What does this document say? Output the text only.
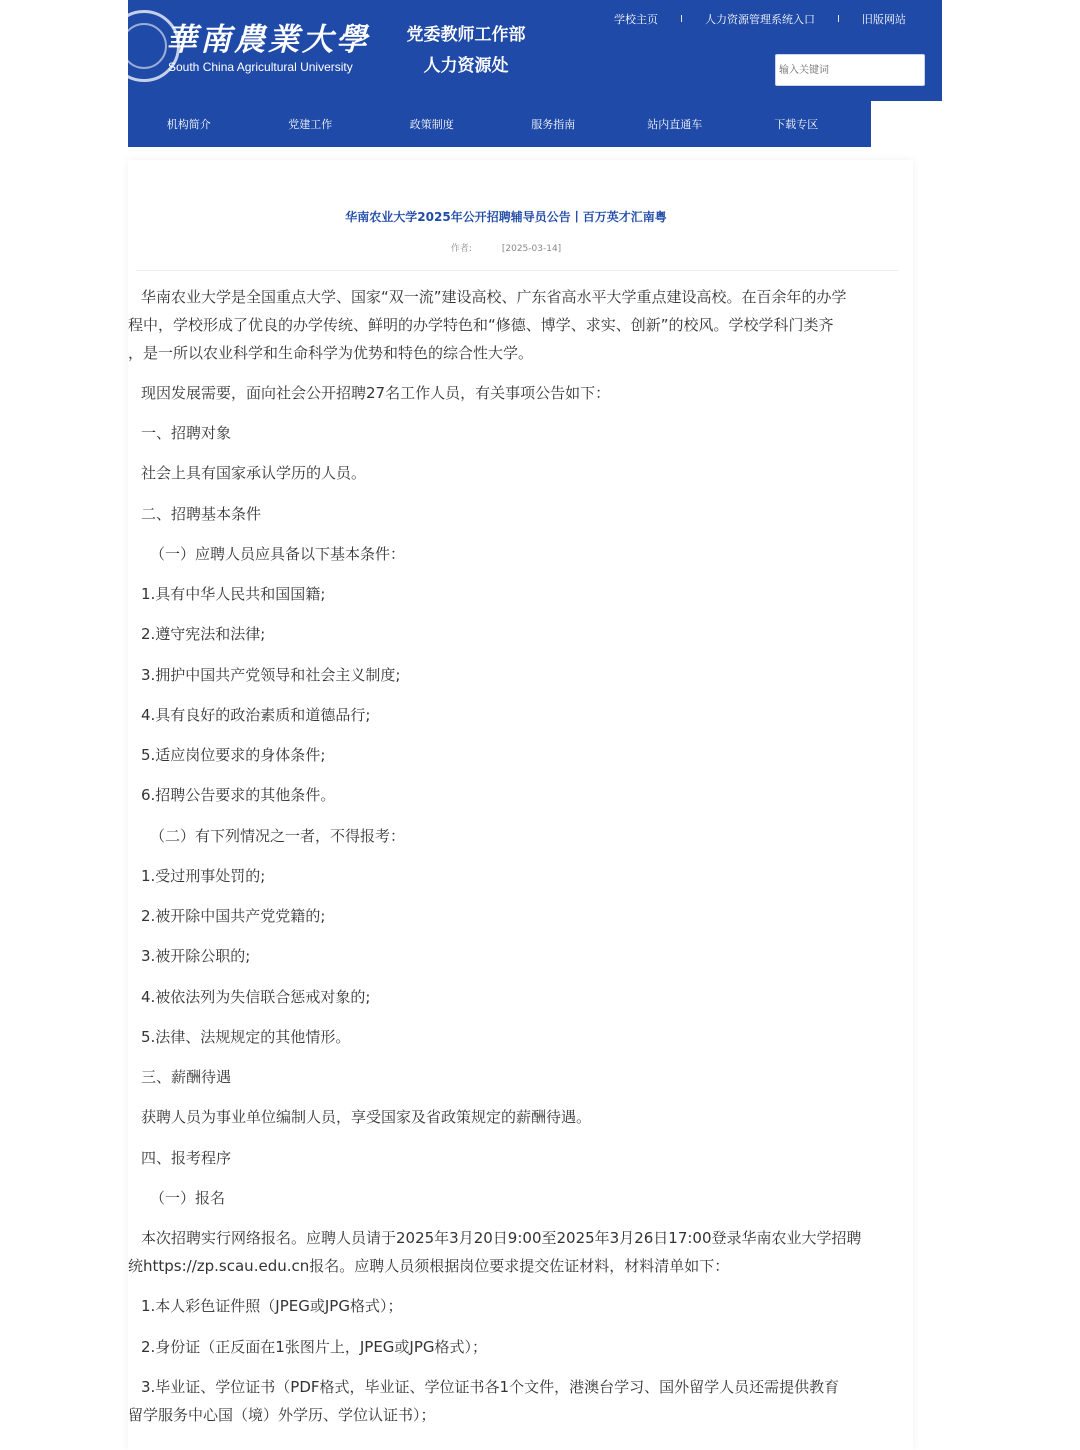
華南農業大學
South China Agricultural University
党委教师工作部
人力资源处
学校主页 I 人力资源管理系统入口 I 旧版网站
输入关键词
机构简介	党建工作	政策制度	服务指南	站内直通车	下载专区
华南农业大学2025年公开招聘辅导员公告丨百万英才汇南粤
作者:	[2025-03-14]
华南农业大学是全国重点大学、国家“双一流”建设高校、广东省高水平大学重点建设高校。在百余年的办学
程中，学校形成了优良的办学传统、鲜明的办学特色和“修德、博学、求实、创新”的校风。学校学科门类齐
，是一所以农业科学和生命科学为优势和特色的综合性大学。
现因发展需要，面向社会公开招聘27名工作人员，有关事项公告如下：
一、招聘对象
社会上具有国家承认学历的人员。
二、招聘基本条件
（一）应聘人员应具备以下基本条件：
1.具有中华人民共和国国籍;
2.遵守宪法和法律;
3.拥护中国共产党领导和社会主义制度;
4.具有良好的政治素质和道德品行;
5.适应岗位要求的身体条件;
6.招聘公告要求的其他条件。
（二）有下列情况之一者，不得报考：
1.受过刑事处罚的;
2.被开除中国共产党党籍的;
3.被开除公职的;
4.被依法列为失信联合惩戒对象的;
5.法律、法规规定的其他情形。
三、薪酬待遇
获聘人员为事业单位编制人员，享受国家及省政策规定的薪酬待遇。
四、报考程序
（一）报名
本次招聘实行网络报名。应聘人员请于2025年3月20日9:00至2025年3月26日17:00登录华南农业大学招聘
统https://zp.scau.edu.cn报名。应聘人员须根据岗位要求提交佐证材料，材料清单如下：
1.本人彩色证件照（JPEG或JPG格式）；
2.身份证（正反面在1张图片上，JPEG或JPG格式）；
3.毕业证、学位证书（PDF格式，毕业证、学位证书各1个文件，港澳台学习、国外留学人员还需提供教育
留学服务中心国（境）外学历、学位认证书）；
